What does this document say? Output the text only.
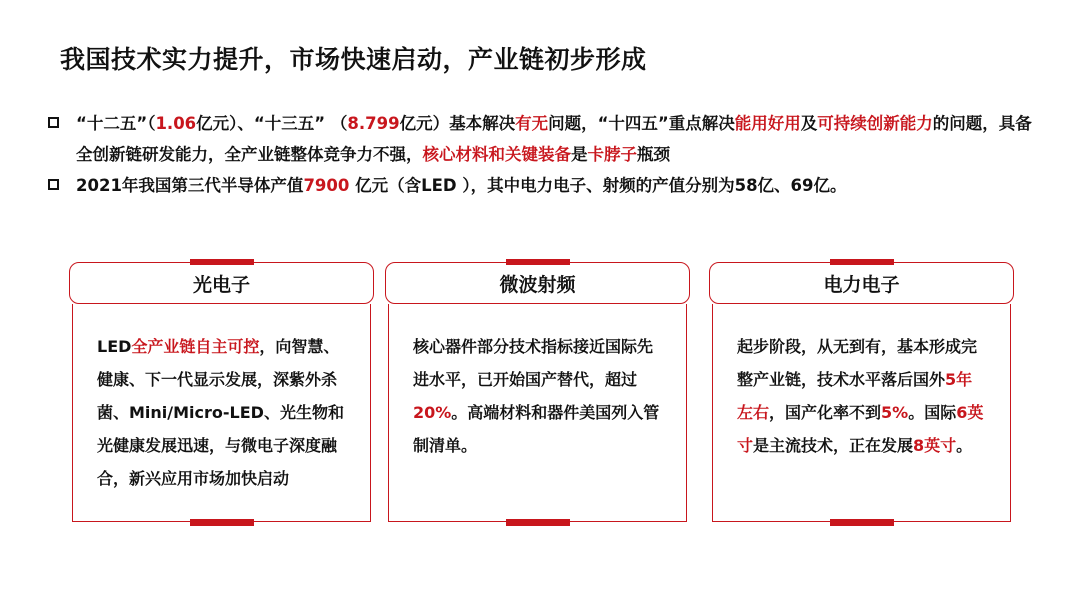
我国技术实力提升，市场快速启动，产业链初步形成
“十二五”（1.06亿元）、“十三五” （8.799亿元）基本解决有无问题，“十四五”重点解决能用好用及可持续创新能力的问题，具备全创新链研发能力，全产业链整体竞争力不强，核心材料和关键装备是卡脖子瓶颈
2021年我国第三代半导体产值7900 亿元（含LED ），其中电力电子、射频的产值分别为58亿、69亿。
光电子
LED全产业链自主可控，向智慧、健康、下一代显示发展，深紫外杀菌、Mini/Micro-LED、光生物和光健康发展迅速，与微电子深度融合，新兴应用市场加快启动
微波射频
核心器件部分技术指标接近国际先进水平，已开始国产替代，超过20%。高端材料和器件美国列入管制清单。
电力电子
起步阶段，从无到有，基本形成完整产业链，技术水平落后国外5年左右，国产化率不到5%。国际6英寸是主流技术，正在发展8英寸。
